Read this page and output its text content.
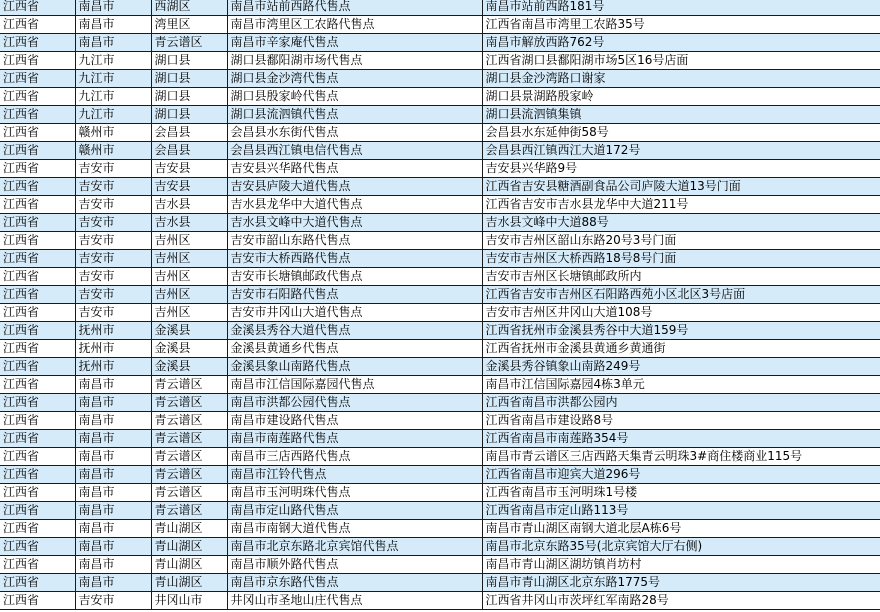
江西省	南昌市	西湖区	南昌市站前西路代售点	南昌市站前西路181号
江西省	南昌市	湾里区	南昌市湾里区工农路代售点	江西省南昌市湾里工农路35号
江西省	南昌市	青云谱区	南昌市辛家庵代售点	南昌市解放西路762号
江西省	九江市	湖口县	湖口县鄱阳湖市场代售点	江西省湖口县鄱阳湖市场5区16号店面
江西省	九江市	湖口县	湖口县金沙湾代售点	湖口县金沙湾路口谢家
江西省	九江市	湖口县	湖口县殷家岭代售点	湖口县景湖路殷家岭
江西省	九江市	湖口县	湖口县流泗镇代售点	湖口县流泗镇集镇
江西省	赣州市	会昌县	会昌县水东街代售点	会昌县水东延伸街58号
江西省	赣州市	会昌县	会昌县西江镇电信代售点	会昌县西江镇西江大道172号
江西省	吉安市	吉安县	吉安县兴华路代售点	吉安县兴华路9号
江西省	吉安市	吉安县	吉安县庐陵大道代售点	江西省吉安县糖酒副食品公司庐陵大道13号门面
江西省	吉安市	吉水县	吉水县龙华中大道代售点	江西省吉安市吉水县龙华中大道211号
江西省	吉安市	吉水县	吉水县文峰中大道代售点	吉水县文峰中大道88号
江西省	吉安市	吉州区	吉安市韶山东路代售点	吉安市吉州区韶山东路20号3号门面
江西省	吉安市	吉州区	吉安市大桥西路代售点	吉安市吉州区大桥西路18号8号门面
江西省	吉安市	吉州区	吉安市长塘镇邮政代售点	吉安市吉州区长塘镇邮政所内
江西省	吉安市	吉州区	吉安市石阳路代售点	江西省吉安市吉州区石阳路西苑小区北区3号店面
江西省	吉安市	吉州区	吉安市井冈山大道代售点	吉安市吉州区井冈山大道108号
江西省	抚州市	金溪县	金溪县秀谷大道代售点	江西省抚州市金溪县秀谷中大道159号
江西省	抚州市	金溪县	金溪县黄通乡代售点	江西省抚州市金溪县黄通乡黄通街
江西省	抚州市	金溪县	金溪县象山南路代售点	金溪县秀谷镇象山南路249号
江西省	南昌市	青云谱区	南昌市江信国际嘉园代售点	南昌市江信国际嘉园4栋3单元
江西省	南昌市	青云谱区	南昌市洪都公园代售点	江西省南昌市洪都公园内
江西省	南昌市	青云谱区	南昌市建设路代售点	江西省南昌市建设路8号
江西省	南昌市	青云谱区	南昌市南莲路代售点	江西省南昌市南莲路354号
江西省	南昌市	青云谱区	南昌市三店西路代售点	南昌市青云谱区三店西路天集青云明珠3#商住楼商业115号
江西省	南昌市	青云谱区	南昌市江铃代售点	江西省南昌市迎宾大道296号
江西省	南昌市	青云谱区	南昌市玉河明珠代售点	江西省南昌市玉河明珠1号楼
江西省	南昌市	青云谱区	南昌市定山路代售点	江西省南昌市定山路113号
江西省	南昌市	青山湖区	南昌市南钢大道代售点	南昌市青山湖区南钢大道北层A栋6号
江西省	南昌市	青山湖区	南昌市北京东路北京宾馆代售点	南昌市北京东路35号(北京宾馆大厅右侧)
江西省	南昌市	青山湖区	南昌市顺外路代售点	南昌市青山湖区湖坊镇肖坊村
江西省	南昌市	青山湖区	南昌市京东路代售点	南昌市青山湖区北京东路1775号
江西省	吉安市	井冈山市	井冈山市圣地山庄代售点	江西省井冈山市茨坪红军南路28号
